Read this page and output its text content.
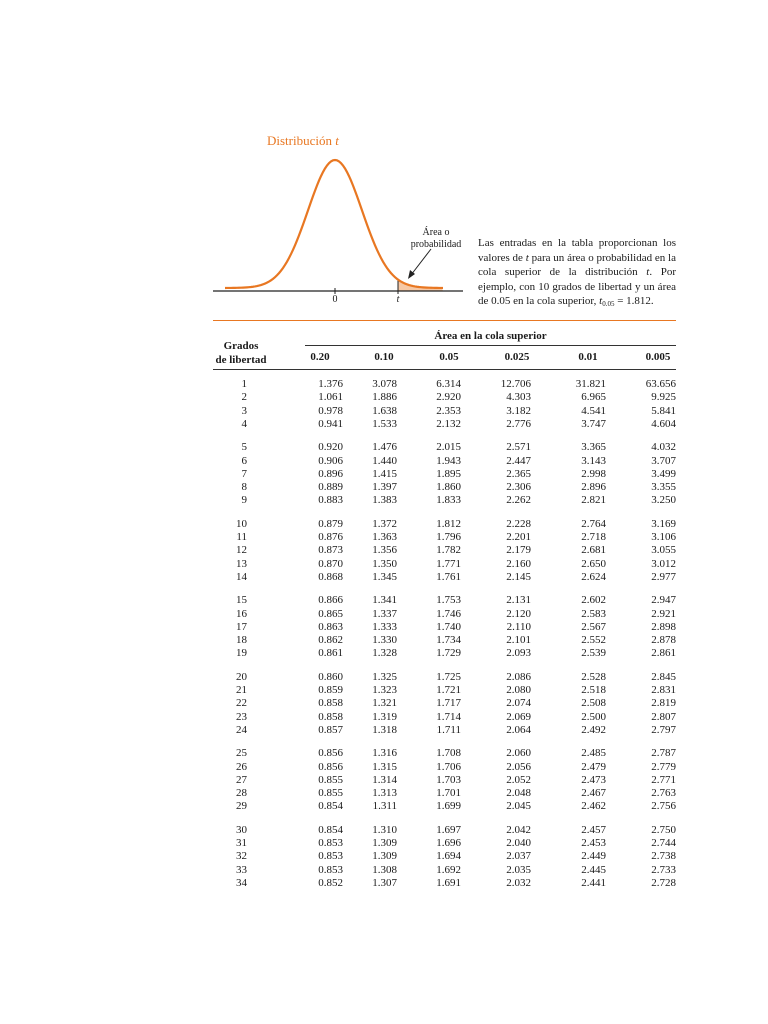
Distribución t
Área o
probabilidad
0	t
Las entradas en la tabla proporcionan los valores de t para un área o probabilidad en la cola superior de la distribución t. Por ejemplo, con 10 grados de libertad y un área de 0.05 en la cola superior, $t_{0.05} = 1.812$.
Grados
de libertad
Área en la cola superior
0.20	0.10	0.05	0.025	0.01	0.005
1	1.376	3.078	6.314	12.706	31.821	63.656
2	1.061	1.886	2.920	4.303	6.965	9.925
3	0.978	1.638	2.353	3.182	4.541	5.841
4	0.941	1.533	2.132	2.776	3.747	4.604
5	0.920	1.476	2.015	2.571	3.365	4.032
6	0.906	1.440	1.943	2.447	3.143	3.707
7	0.896	1.415	1.895	2.365	2.998	3.499
8	0.889	1.397	1.860	2.306	2.896	3.355
9	0.883	1.383	1.833	2.262	2.821	3.250
10	0.879	1.372	1.812	2.228	2.764	3.169
11	0.876	1.363	1.796	2.201	2.718	3.106
12	0.873	1.356	1.782	2.179	2.681	3.055
13	0.870	1.350	1.771	2.160	2.650	3.012
14	0.868	1.345	1.761	2.145	2.624	2.977
15	0.866	1.341	1.753	2.131	2.602	2.947
16	0.865	1.337	1.746	2.120	2.583	2.921
17	0.863	1.333	1.740	2.110	2.567	2.898
18	0.862	1.330	1.734	2.101	2.552	2.878
19	0.861	1.328	1.729	2.093	2.539	2.861
20	0.860	1.325	1.725	2.086	2.528	2.845
21	0.859	1.323	1.721	2.080	2.518	2.831
22	0.858	1.321	1.717	2.074	2.508	2.819
23	0.858	1.319	1.714	2.069	2.500	2.807
24	0.857	1.318	1.711	2.064	2.492	2.797
25	0.856	1.316	1.708	2.060	2.485	2.787
26	0.856	1.315	1.706	2.056	2.479	2.779
27	0.855	1.314	1.703	2.052	2.473	2.771
28	0.855	1.313	1.701	2.048	2.467	2.763
29	0.854	1.311	1.699	2.045	2.462	2.756
30	0.854	1.310	1.697	2.042	2.457	2.750
31	0.853	1.309	1.696	2.040	2.453	2.744
32	0.853	1.309	1.694	2.037	2.449	2.738
33	0.853	1.308	1.692	2.035	2.445	2.733
34	0.852	1.307	1.691	2.032	2.441	2.728
